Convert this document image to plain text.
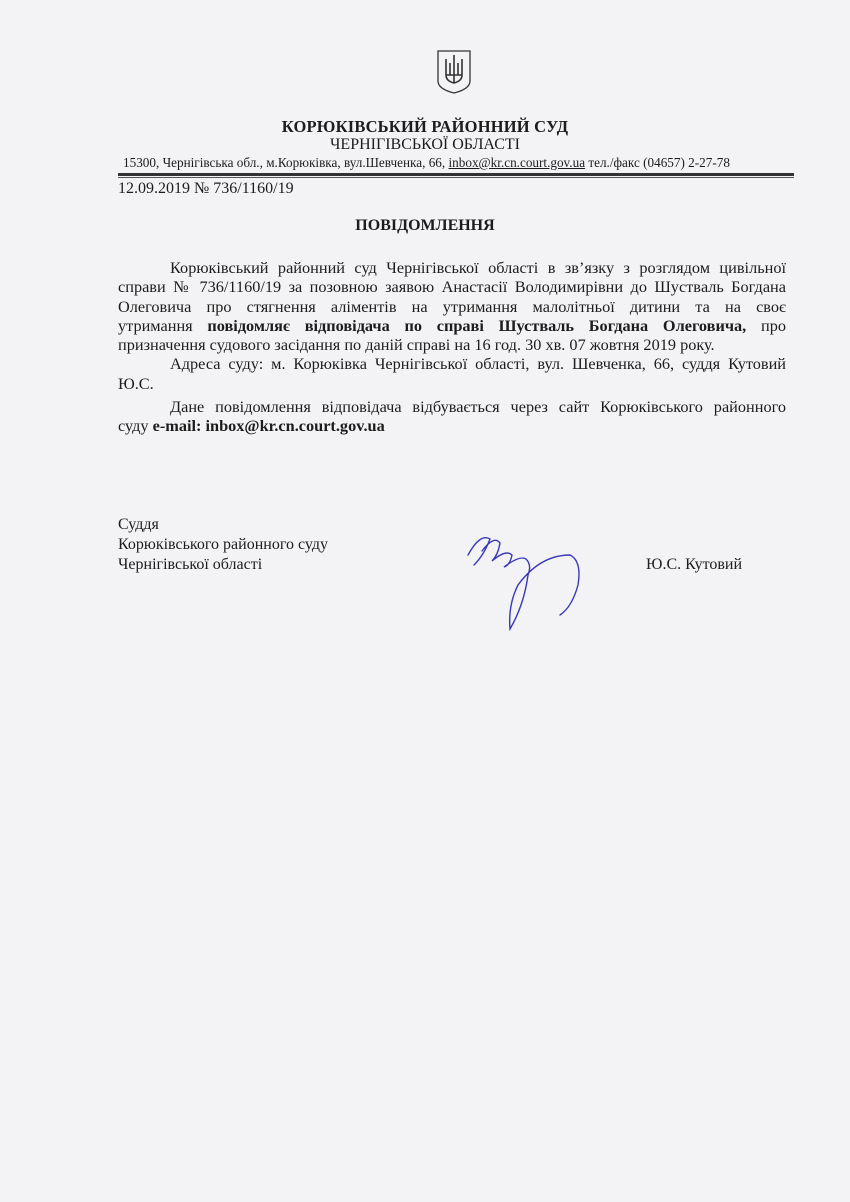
КОРЮКІВСЬКИЙ РАЙОННИЙ СУД
ЧЕРНІГІВСЬКОЇ ОБЛАСТІ
15300, Чернігівська обл., м.Корюківка, вул.Шевченка, 66, inbox@kr.cn.court.gov.ua тел./факс (04657) 2-27-78
12.09.2019 № 736/1160/19
ПОВІДОМЛЕННЯ
Корюківський районний суд Чернігівської області в зв’язку з розглядом цивільної
справи № 736/1160/19 за позовною заявою Анастасії Володимирівни до Шуствaль Богдана
Олеговича про стягнення аліментів на утримання малолітньої дитини та на своє
утримання повідомляє відповідача по справі Шуствaль Богдана Олеговича, про
призначення судового засідання по даній справі на 16 год. 30 хв. 07 жовтня 2019 року.
Адреса суду: м. Корюківка Чернігівської області, вул. Шевченка, 66, суддя Кутовий
Ю.С.
Дане повідомлення відповідача відбувається через сайт Корюківського районного
суду e-mail: inbox@kr.cn.court.gov.ua
Суддя
Корюківського районного суду
Чернігівської області	Ю.С. Кутовий
